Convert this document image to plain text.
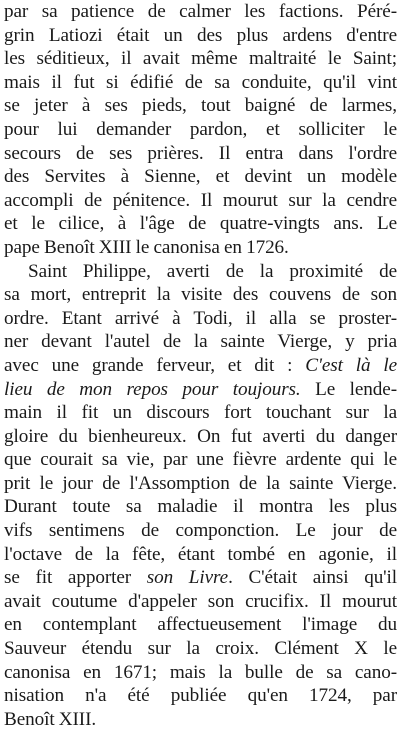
par sa patience de calmer les factions. Péré-
grin Latiozi était un des plus ardens d'entre
les séditieux, il avait même maltraité le Saint;
mais il fut si édifié de sa conduite, qu'il vint
se jeter à ses pieds, tout baigné de larmes,
pour lui demander pardon, et solliciter le
secours de ses prières. Il entra dans l'ordre
des Servites à Sienne, et devint un modèle
accompli de pénitence. Il mourut sur la cendre
et le cilice, à l'âge de quatre-vingts ans. Le
pape Benoît XIII le canonisa en 1726.
Saint Philippe, averti de la proximité de
sa mort, entreprit la visite des couvens de son
ordre. Etant arrivé à Todi, il alla se proster-
ner devant l'autel de la sainte Vierge, y pria
avec une grande ferveur, et dit : C'est là le
lieu de mon repos pour toujours. Le lende-
main il fit un discours fort touchant sur la
gloire du bienheureux. On fut averti du danger
que courait sa vie, par une fièvre ardente qui le
prit le jour de l'Assomption de la sainte Vierge.
Durant toute sa maladie il montra les plus
vifs sentimens de componction. Le jour de
l'octave de la fête, étant tombé en agonie, il
se fit apporter son Livre. C'était ainsi qu'il
avait coutume d'appeler son crucifix. Il mourut
en contemplant affectueusement l'image du
Sauveur étendu sur la croix. Clément X le
canonisa en 1671; mais la bulle de sa cano-
nisation n'a été publiée qu'en 1724, par
Benoît XIII.
